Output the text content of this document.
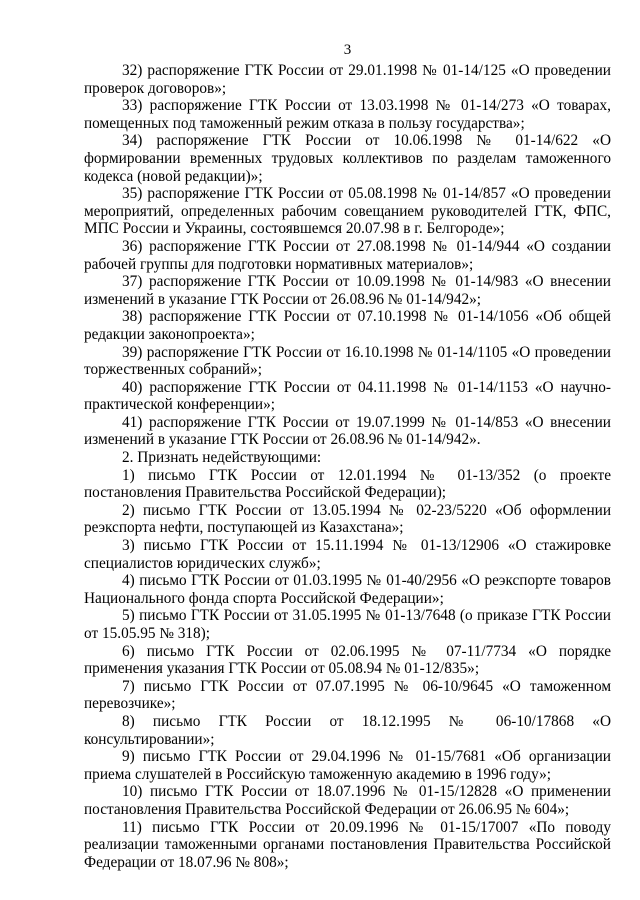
3

32) распоряжение ГТК России от 29.01.1998 № 01-14/125 «О проведении проверок договоров»;

33) распоряжение ГТК России от 13.03.1998 № 01-14/273 «О товарах, помещенных под таможенный режим отказа в пользу государства»;

34) распоряжение ГТК России от 10.06.1998 № 01-14/622 «О формировании временных трудовых коллективов по разделам таможенного кодекса (новой редакции)»;

35) распоряжение ГТК России от 05.08.1998 № 01-14/857 «О проведении мероприятий, определенных рабочим совещанием руководителей ГТК, ФПС, МПС России и Украины, состоявшемся 20.07.98 в г. Белгороде»;

36) распоряжение ГТК России от 27.08.1998 № 01-14/944 «О создании рабочей группы для подготовки нормативных материалов»;

37) распоряжение ГТК России от 10.09.1998 № 01-14/983 «О внесении изменений в указание ГТК России от 26.08.96 № 01-14/942»;

38) распоряжение ГТК России от 07.10.1998 № 01-14/1056 «Об общей редакции законопроекта»;

39) распоряжение ГТК России от 16.10.1998 № 01-14/1105 «О проведении торжественных собраний»;

40) распоряжение ГТК России от 04.11.1998 № 01-14/1153 «О научно-практической конференции»;

41) распоряжение ГТК России от 19.07.1999 № 01-14/853 «О внесении изменений в указание ГТК России от 26.08.96 № 01-14/942».

2. Признать недействующими:

1) письмо ГТК России от 12.01.1994 № 01-13/352 (о проекте постановления Правительства Российской Федерации);

2) письмо ГТК России от 13.05.1994 № 02-23/5220 «Об оформлении реэкспорта нефти, поступающей из Казахстана»;

3) письмо ГТК России от 15.11.1994 № 01-13/12906 «О стажировке специалистов юридических служб»;

4) письмо ГТК России от 01.03.1995 № 01-40/2956 «О реэкспорте товаров Национального фонда спорта Российской Федерации»;

5) письмо ГТК России от 31.05.1995 № 01-13/7648 (о приказе ГТК России от 15.05.95 № 318);

6) письмо ГТК России от 02.06.1995 № 07-11/7734 «О порядке применения указания ГТК России от 05.08.94 № 01-12/835»;

7) письмо ГТК России от 07.07.1995 № 06-10/9645 «О таможенном перевозчике»;

8) письмо ГТК России от 18.12.1995 № 06-10/17868 «О консультировании»;

9) письмо ГТК России от 29.04.1996 № 01-15/7681 «Об организации приема слушателей в Российскую таможенную академию в 1996 году»;

10) письмо ГТК России от 18.07.1996 № 01-15/12828 «О применении постановления Правительства Российской Федерации от 26.06.95 № 604»;

11) письмо ГТК России от 20.09.1996 № 01-15/17007 «По поводу реализации таможенными органами постановления Правительства Российской Федерации от 18.07.96 № 808»;
